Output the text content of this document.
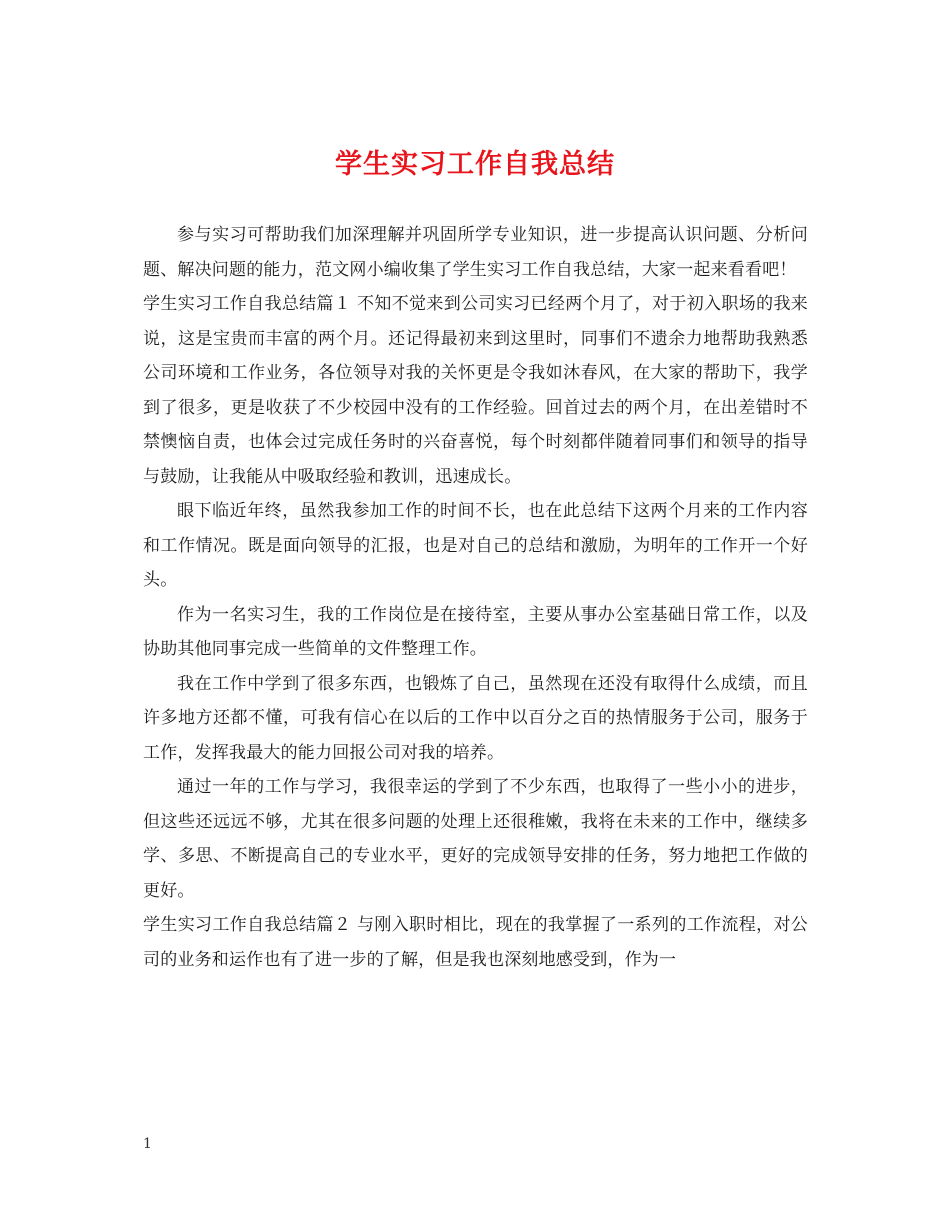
学生实习工作自我总结

参与实习可帮助我们加深理解并巩固所学专业知识，进一步提高认识问题、分析问题、解决问题的能力，范文网小编收集了学生实习工作自我总结，大家一起来看看吧！

学生实习工作自我总结篇１ 不知不觉来到公司实习已经两个月了，对于初入职场的我来说，这是宝贵而丰富的两个月。还记得最初来到这里时，同事们不遗余力地帮助我熟悉公司环境和工作业务，各位领导对我的关怀更是令我如沐春风，在大家的帮助下，我学到了很多，更是收获了不少校园中没有的工作经验。回首过去的两个月，在出差错时不禁懊恼自责，也体会过完成任务时的兴奋喜悦，每个时刻都伴随着同事们和领导的指导与鼓励，让我能从中吸取经验和教训，迅速成长。

眼下临近年终，虽然我参加工作的时间不长，也在此总结下这两个月来的工作内容和工作情况。既是面向领导的汇报，也是对自己的总结和激励，为明年的工作开一个好头。

作为一名实习生，我的工作岗位是在接待室，主要从事办公室基础日常工作，以及协助其他同事完成一些简单的文件整理工作。

我在工作中学到了很多东西，也锻炼了自己，虽然现在还没有取得什么成绩，而且许多地方还都不懂，可我有信心在以后的工作中以百分之百的热情服务于公司，服务于工作，发挥我最大的能力回报公司对我的培养。

通过一年的工作与学习，我很幸运的学到了不少东西，也取得了一些小小的进步，但这些还远远不够，尤其在很多问题的处理上还很稚嫩，我将在未来的工作中，继续多学、多思、不断提高自己的专业水平，更好的完成领导安排的任务，努力地把工作做的更好。

学生实习工作自我总结篇２ 与刚入职时相比，现在的我掌握了一系列的工作流程，对公司的业务和运作也有了进一步的了解，但是我也深刻地感受到，作为一

1
